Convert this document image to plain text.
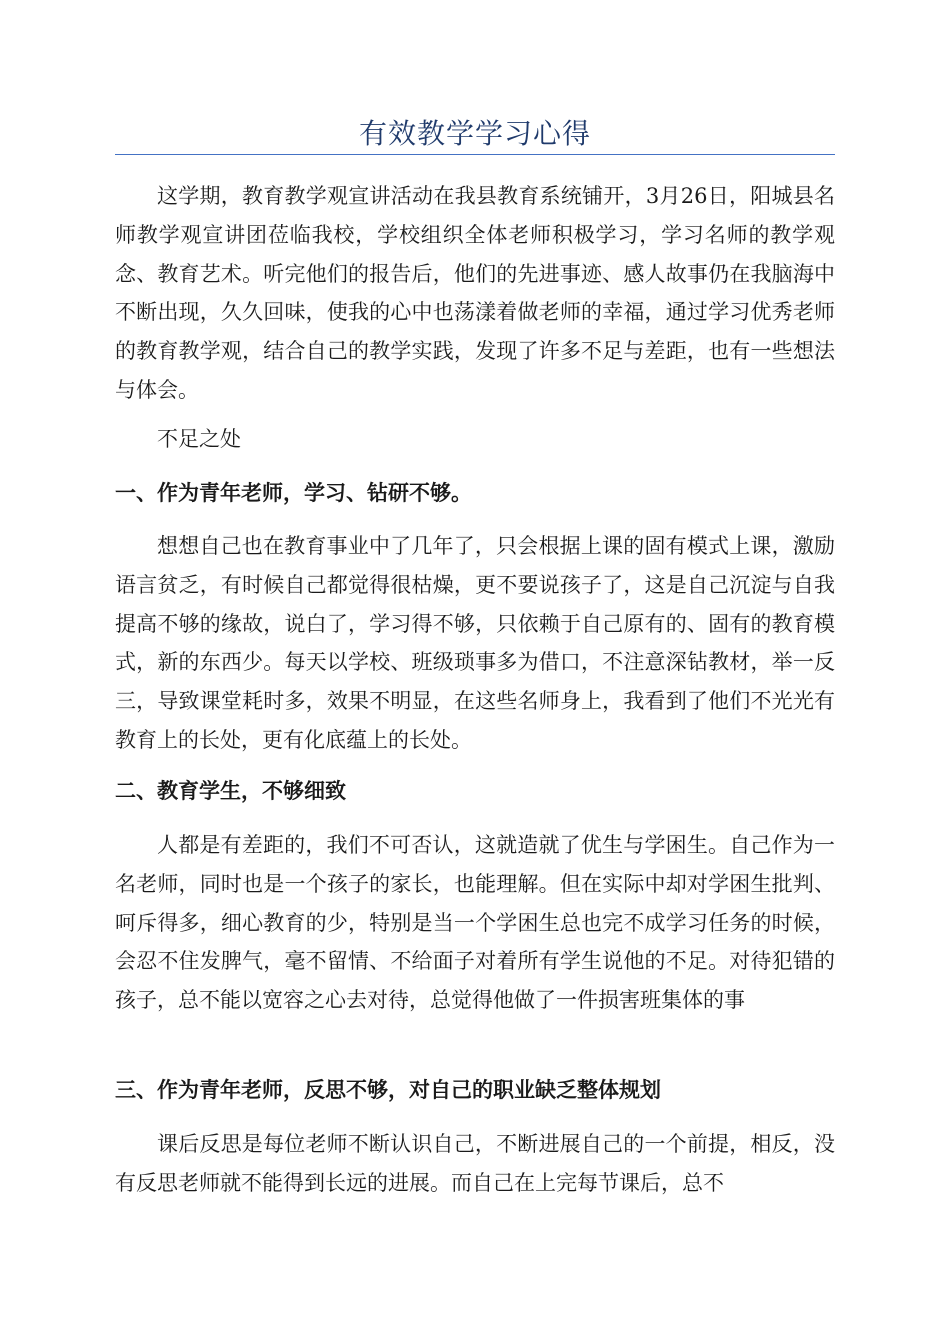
有效教学学习心得

这学期，教育教学观宣讲活动在我县教育系统铺开，3月26日，阳城县名师教学观宣讲团莅临我校，学校组织全体老师积极学习，学习名师的教学观念、教育艺术。听完他们的报告后，他们的先进事迹、感人故事仍在我脑海中不断出现，久久回味，使我的心中也荡漾着做老师的幸福，通过学习优秀老师的教育教学观，结合自己的教学实践，发现了许多不足与差距，也有一些想法与体会。

不足之处

一、作为青年老师，学习、钻研不够。

想想自己也在教育事业中了几年了，只会根据上课的固有模式上课，激励语言贫乏，有时候自己都觉得很枯燥，更不要说孩子了，这是自己沉淀与自我提高不够的缘故，说白了，学习得不够，只依赖于自己原有的、固有的教育模式，新的东西少。每天以学校、班级琐事多为借口，不注意深钻教材，举一反三，导致课堂耗时多，效果不明显，在这些名师身上，我看到了他们不光光有教育上的长处，更有化底蕴上的长处。

二、教育学生，不够细致

人都是有差距的，我们不可否认，这就造就了优生与学困生。自己作为一名老师，同时也是一个孩子的家长，也能理解。但在实际中却对学困生批判、呵斥得多，细心教育的少，特别是当一个学困生总也完不成学习任务的时候，会忍不住发脾气，毫不留情、不给面子对着所有学生说他的不足。对待犯错的孩子，总不能以宽容之心去对待，总觉得他做了一件损害班集体的事

三、作为青年老师，反思不够，对自己的职业缺乏整体规划

课后反思是每位老师不断认识自己，不断进展自己的一个前提，相反，没有反思老师就不能得到长远的进展。而自己在上完每节课后，总不
